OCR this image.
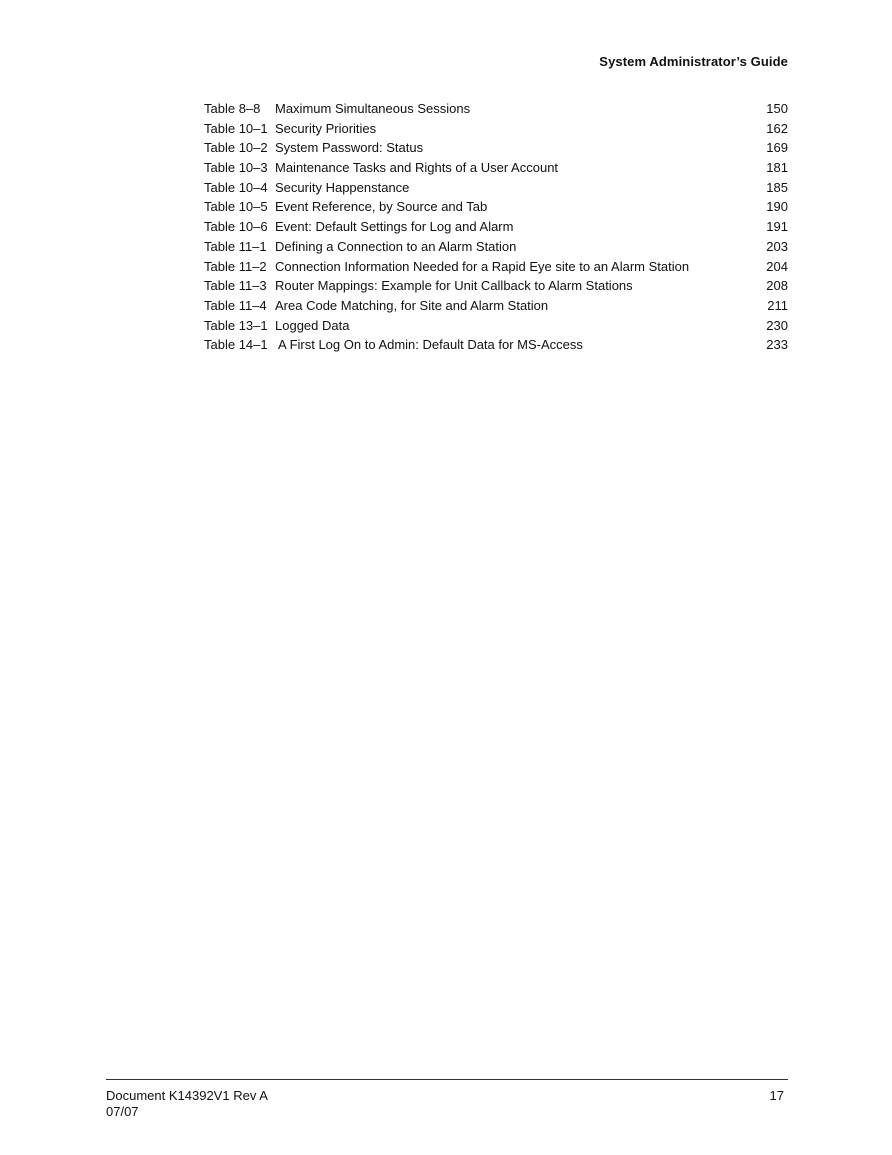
System Administrator’s Guide
Table 8–8 Maximum Simultaneous Sessions	150
Table 10–1 Security Priorities	162
Table 10–2 System Password: Status	169
Table 10–3 Maintenance Tasks and Rights of a User Account	181
Table 10–4 Security Happenstance	185
Table 10–5 Event Reference, by Source and Tab	190
Table 10–6 Event: Default Settings for Log and Alarm	191
Table 11–1 Defining a Connection to an Alarm Station	203
Table 11–2 Connection Information Needed for a Rapid Eye site to an Alarm Station	204
Table 11–3 Router Mappings: Example for Unit Callback to Alarm Stations	208
Table 11–4 Area Code Matching, for Site and Alarm Station	211
Table 13–1 Logged Data	230
Table 14–1 A First Log On to Admin: Default Data for MS-Access	233
Document K14392V1 Rev A
07/07
17
